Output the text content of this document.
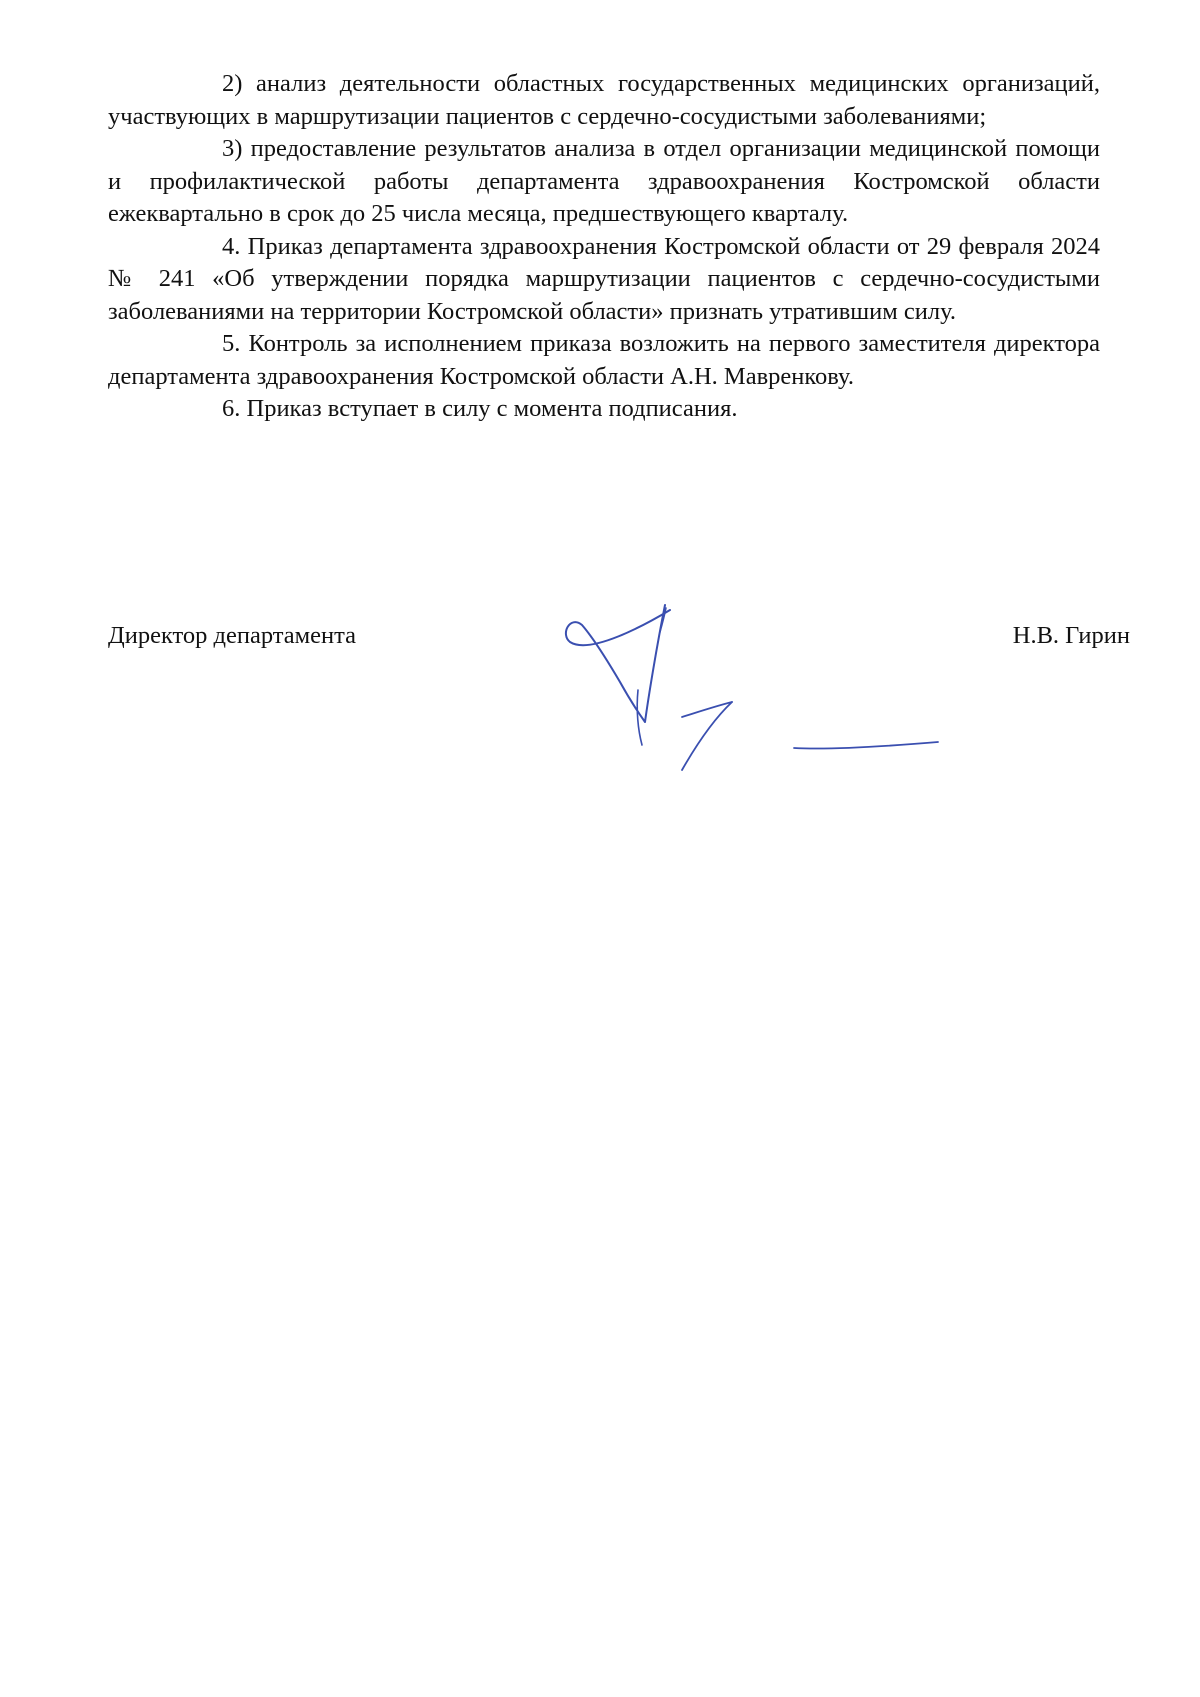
2) анализ деятельности областных государственных медицинских организаций, участвующих в маршрутизации пациентов с сердечно-сосудистыми заболеваниями;

3) предоставление результатов анализа в отдел организации медицинской помощи и профилактической работы департамента здравоохранения Костромской области ежеквартально в срок до 25 числа месяца, предшествующего кварталу.

4. Приказ департамента здравоохранения Костромской области от 29 февраля 2024 № 241 «Об утверждении порядка маршрутизации пациентов с сердечно-сосудистыми заболеваниями на территории Костромской области» признать утратившим силу.

5. Контроль за исполнением приказа возложить на первого заместителя директора департамента здравоохранения Костромской области А.Н. Мавренкову.

6. Приказ вступает в силу с момента подписания.

Директор департамента	Н.В. Гирин
